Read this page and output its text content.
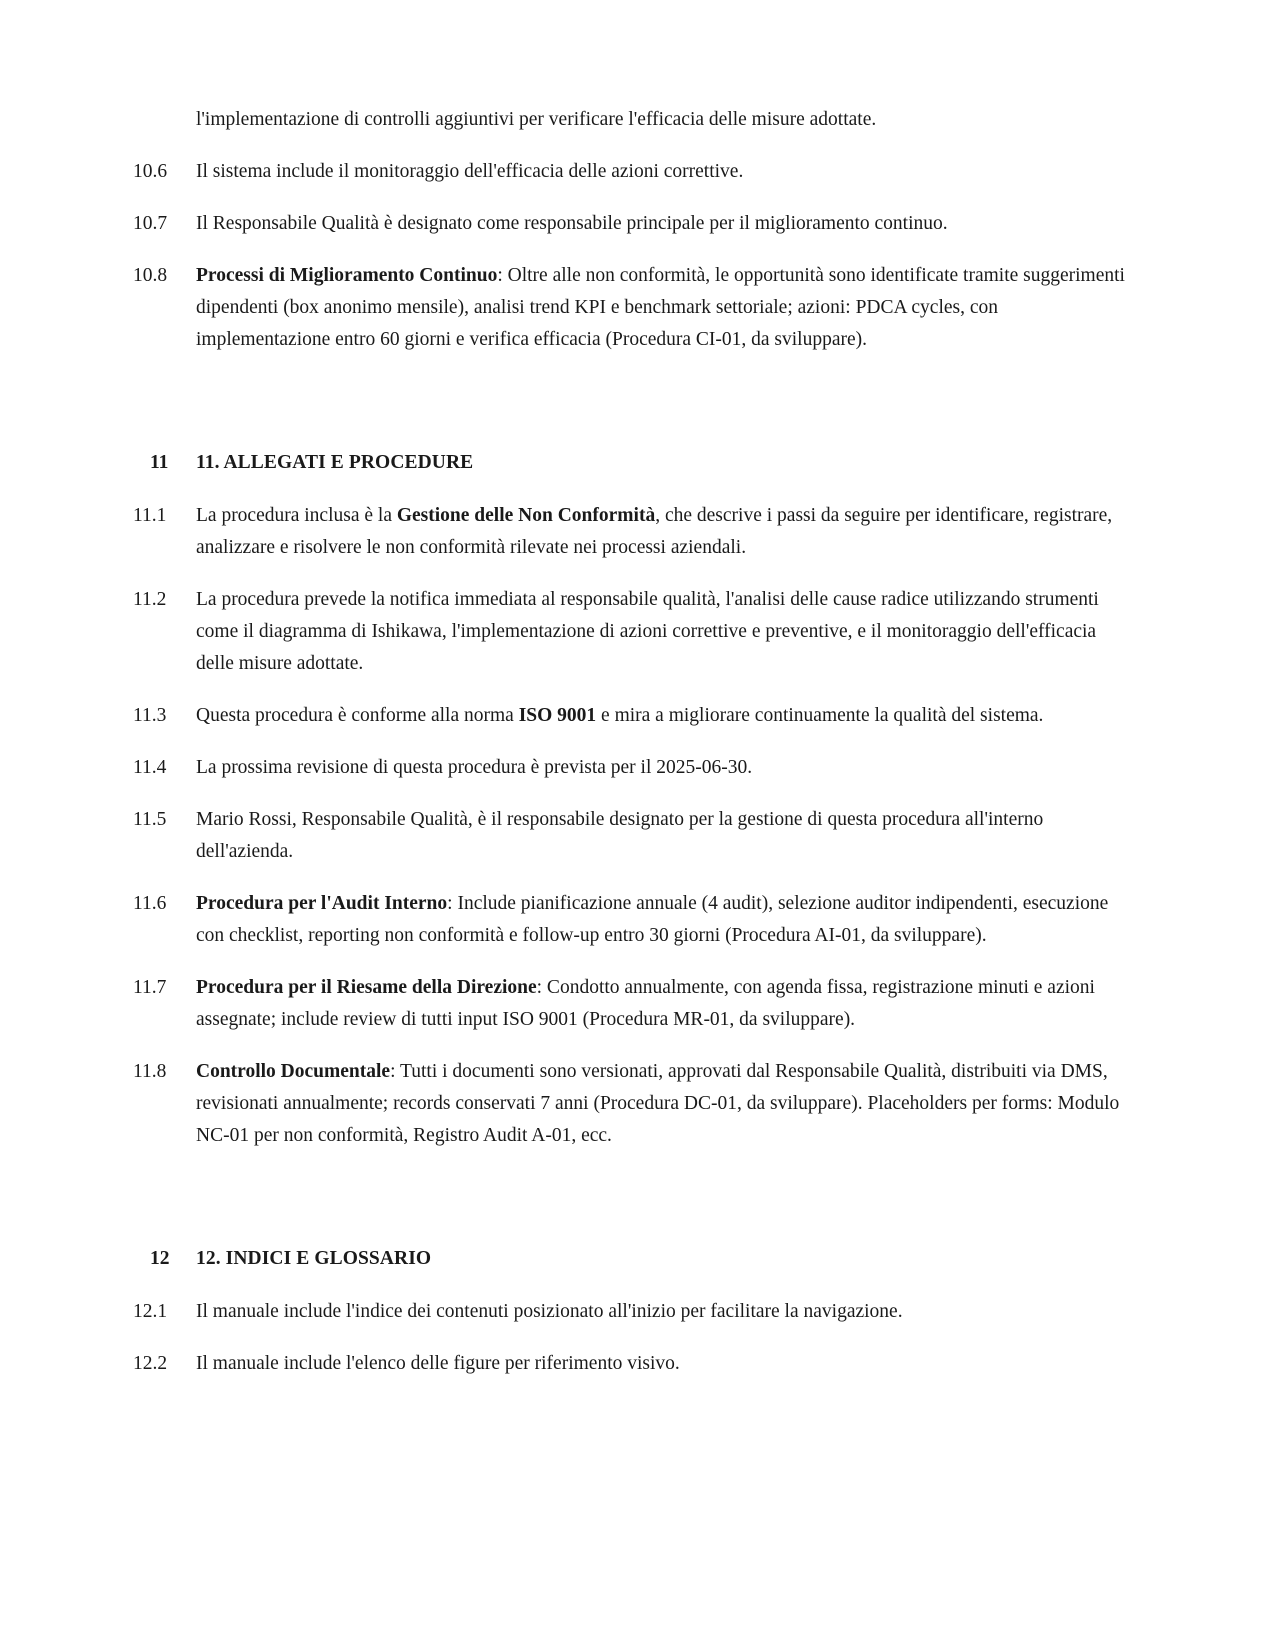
l'implementazione di controlli aggiuntivi per verificare l'efficacia delle misure adottate.
10.6	Il sistema include il monitoraggio dell'efficacia delle azioni correttive.
10.7	Il Responsabile Qualità è designato come responsabile principale per il miglioramento continuo.
10.8	Processi di Miglioramento Continuo: Oltre alle non conformità, le opportunità sono identificate tramite suggerimenti dipendenti (box anonimo mensile), analisi trend KPI e benchmark settoriale; azioni: PDCA cycles, con implementazione entro 60 giorni e verifica efficacia (Procedura CI-01, da sviluppare).
11	11. ALLEGATI E PROCEDURE
11.1	La procedura inclusa è la Gestione delle Non Conformità, che descrive i passi da seguire per identificare, registrare, analizzare e risolvere le non conformità rilevate nei processi aziendali.
11.2	La procedura prevede la notifica immediata al responsabile qualità, l'analisi delle cause radice utilizzando strumenti come il diagramma di Ishikawa, l'implementazione di azioni correttive e preventive, e il monitoraggio dell'efficacia delle misure adottate.
11.3	Questa procedura è conforme alla norma ISO 9001 e mira a migliorare continuamente la qualità del sistema.
11.4	La prossima revisione di questa procedura è prevista per il 2025-06-30.
11.5	Mario Rossi, Responsabile Qualità, è il responsabile designato per la gestione di questa procedura all'interno dell'azienda.
11.6	Procedura per l'Audit Interno: Include pianificazione annuale (4 audit), selezione auditor indipendenti, esecuzione con checklist, reporting non conformità e follow-up entro 30 giorni (Procedura AI-01, da sviluppare).
11.7	Procedura per il Riesame della Direzione: Condotto annualmente, con agenda fissa, registrazione minuti e azioni assegnate; include review di tutti input ISO 9001 (Procedura MR-01, da sviluppare).
11.8	Controllo Documentale: Tutti i documenti sono versionati, approvati dal Responsabile Qualità, distribuiti via DMS, revisionati annualmente; records conservati 7 anni (Procedura DC-01, da sviluppare). Placeholders per forms: Modulo NC-01 per non conformità, Registro Audit A-01, ecc.
12	12. INDICI E GLOSSARIO
12.1	Il manuale include l'indice dei contenuti posizionato all'inizio per facilitare la navigazione.
12.2	Il manuale include l'elenco delle figure per riferimento visivo.
